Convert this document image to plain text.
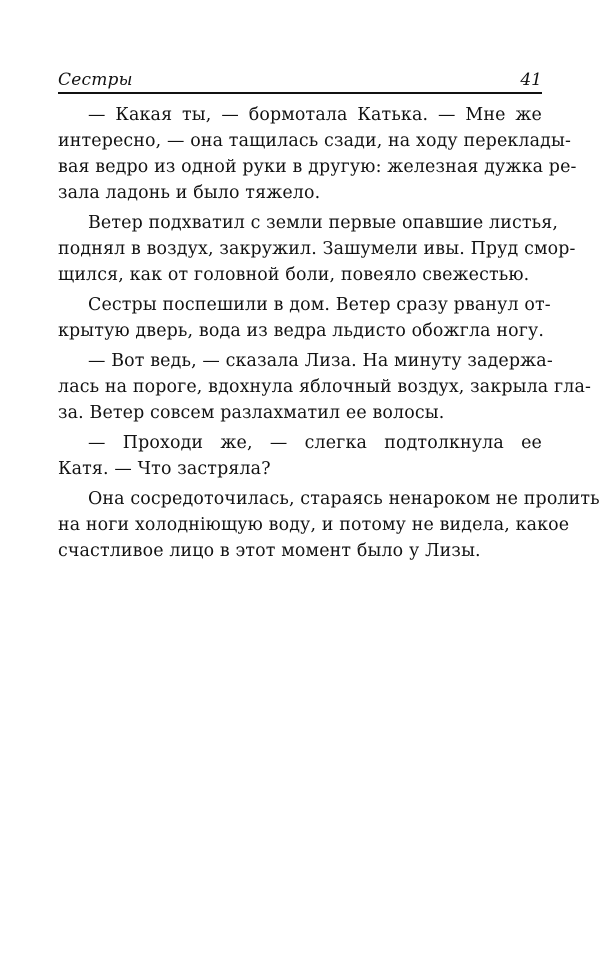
Сестры	41
— Какая ты, — бормотала Катька. — Мне же
интересно, — она тащилась сзади, на ходу переклады-
вая ведро из одной руки в другую: железная дужка ре-
зала ладонь и было тяжело.
Ветер подхватил с земли первые опавшие листья,
поднял в воздух, закружил. Зашумели ивы. Пруд смор-
щился, как от головной боли, повеяло свежестью.
Сестры поспешили в дом. Ветер сразу рванул от-
крытую дверь, вода из ведра льдисто обожгла ногу.
— Вот ведь, — сказала Лиза. На минуту задержа-
лась на пороге, вдохнула яблочный воздух, закрыла гла-
за. Ветер совсем разлахматил ее волосы.
— Проходи же, — слегка подтолкнула ее
Катя. — Что застряла?
Она сосредоточилась, стараясь ненароком не пролить
на ноги холодніющую воду, и потому не видела, какое
счастливое лицо в этот момент было у Лизы.
